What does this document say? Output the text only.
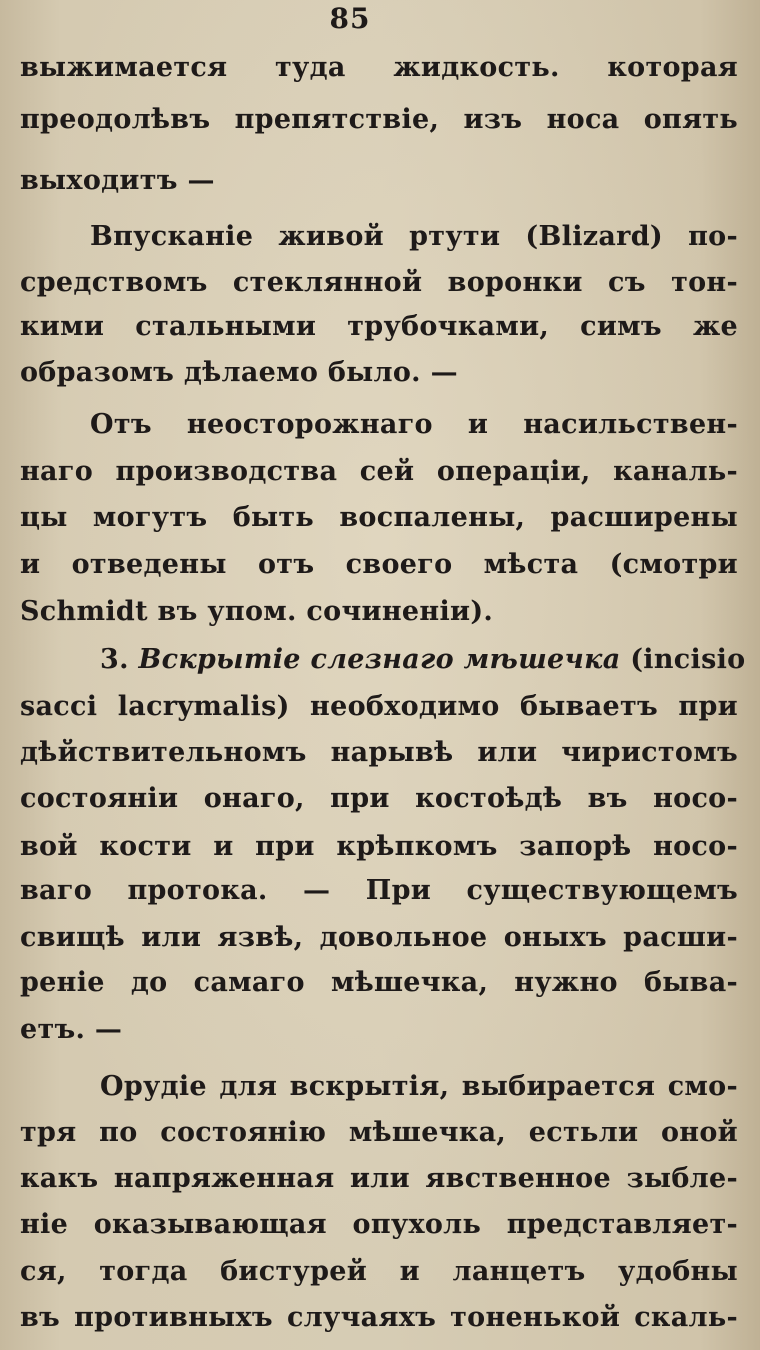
85
выжимается туда жидкость. которая
преодолѣвъ препятствіе, изъ носа опять
выходитъ —
Впусканіе живой ртути (Blizard) по-
средствомъ стеклянной воронки съ тон-
кими стальными трубочками, симъ же
образомъ дѣлаемо было. —
Отъ неосторожнаго и насильствен-
наго производства сей операціи, каналь-
цы могутъ быть воспалены, расширены
и отведены отъ своего мѣста (смотри
Schmidt въ упом. сочиненіи).
3. Вскрытіе слезнаго мѣшечка (incisio
sacci lacrymalis) необходимо бываетъ при
дѣйствительномъ нарывѣ или чиристомъ
состояніи онаго, при костоѣдѣ въ носо-
вой кости и при крѣпкомъ запорѣ носо-
ваго протока. — При существующемъ
свищѣ или язвѣ, довольное оныхъ расши-
реніе до самаго мѣшечка, нужно быва-
етъ. —
Орудіе для вскрытія, выбирается смо-
тря по состоянію мѣшечка, естьли оной
какъ напряженная или явственное зыбле-
ніе оказывающая опухоль представляет-
ся, тогда бистурей и ланцетъ удобны
въ противныхъ случаяхъ тоненькой скаль-
